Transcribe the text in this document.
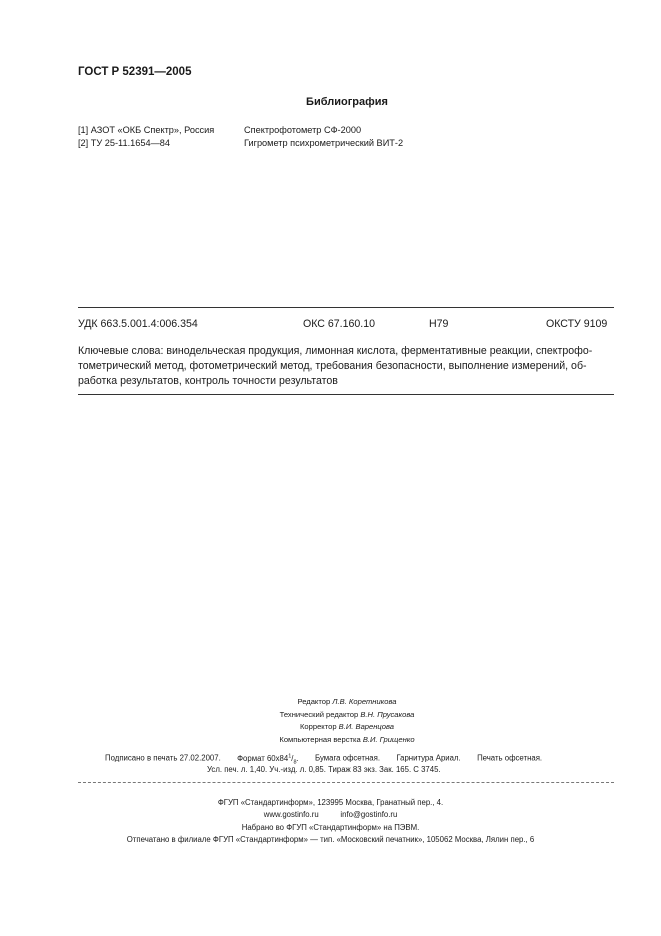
ГОСТ Р 52391—2005
Библиография
[1] АЗОТ «ОКБ Спектр», Россия	Спектрофотометр СФ-2000
[2] ТУ 25-11.1654—84	Гигрометр психрометрический ВИТ-2
УДК 663.5.001.4:006.354	ОКС 67.160.10	Н79	ОКСТУ 9109
Ключевые слова: винодельческая продукция, лимонная кислота, ферментативные реакции, спектрофо-
тометрический метод, фотометрический метод, требования безопасности, выполнение измерений, об-
работка результатов, контроль точности результатов
Редактор Л.В. Коретникова
Технический редактор В.Н. Прусакова
Корректор В.И. Варенцова
Компьютерная верстка В.И. Грищенко
Подписано в печать 27.02.2007. Формат $60x84^1/_8$. Бумага офсетная. Гарнитура Ариал. Печать офсетная.
Усл. печ. л. 1,40. Уч.-изд. л. 0,85. Тираж 83 экз. Зак. 165. С 3745.
ФГУП «Стандартинформ», 123995 Москва, Гранатный пер., 4.
www.gostinfo.ru          info@gostinfo.ru
Набрано во ФГУП «Стандартинформ» на ПЭВМ.
Отпечатано в филиале ФГУП «Стандартинформ» — тип. «Московский печатник», 105062 Москва, Лялин пер., 6
